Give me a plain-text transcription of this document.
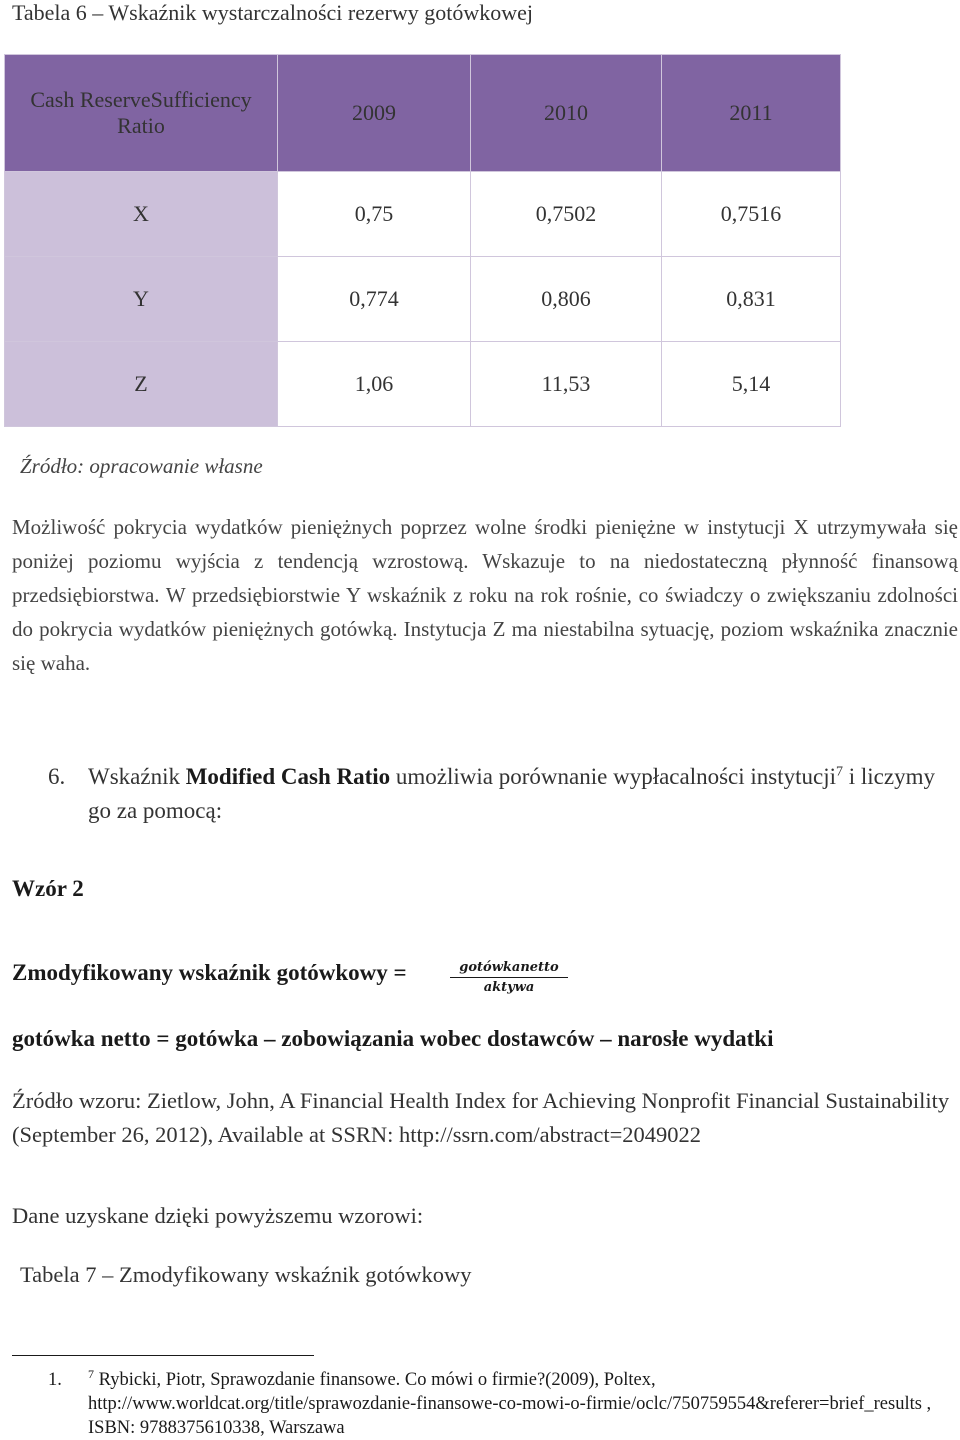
Tabela 6 – Wskaźnik wystarczalności rezerwy gotówkowej
Cash ReserveSufficiency Ratio	2009	2010	2011
X	0,75	0,7502	0,7516
Y	0,774	0,806	0,831
Z	1,06	11,53	5,14
Źródło: opracowanie własne
Możliwość pokrycia wydatków pieniężnych poprzez wolne środki pieniężne w instytucji X utrzymywała się poniżej poziomu wyjścia z tendencją wzrostową. Wskazuje to na niedostateczną płynność finansową przedsiębiorstwa. W przedsiębiorstwie Y wskaźnik z roku na rok rośnie, co świadczy o zwiększaniu zdolności do pokrycia wydatków pieniężnych gotówką. Instytucja Z ma niestabilna sytuację, poziom wskaźnika znacznie się waha.
6. Wskaźnik Modified Cash Ratio umożliwia porównanie wypłacalności instytucji$^7$ i liczymy go za pomocą:
Wzór 2
Zmodyfikowany wskaźnik gotówkowy =	gotówkanetto
aktywa
gotówka netto = gotówka – zobowiązania wobec dostawców – narosłe wydatki
Źródło wzoru: Zietlow, John, A Financial Health Index for Achieving Nonprofit Financial Sustainability (September 26, 2012), Available at SSRN: http://ssrn.com/abstract=2049022
Dane uzyskane dzięki powyższemu wzorowi:
Tabela 7 – Zmodyfikowany wskaźnik gotówkowy
1. $^7$ Rybicki, Piotr, Sprawozdanie finansowe. Co mówi o firmie?(2009), Poltex, http://www.worldcat.org/title/sprawozdanie-finansowe-co-mowi-o-firmie/oclc/750759554&referer=brief_results , ISBN: 9788375610338, Warszawa
